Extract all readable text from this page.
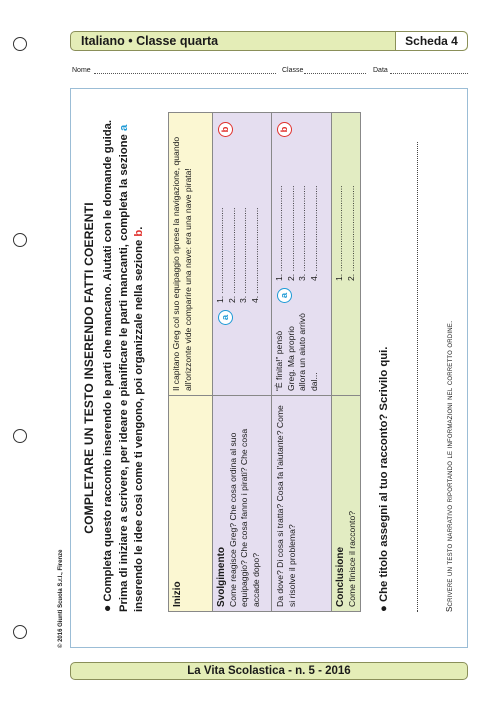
Italiano • Classe quarta	Scheda 4
Nome	Classe	Data
COMPLETARE UN TESTO INSERENDO FATTI COERENTI
● Completa questo racconto inserendo le parti che mancano. Aiutati con le domande guida. Prima di iniziare a scrivere, per ideare e pianificare le parti mancanti, completa la sezione a inserendo le idee così come ti vengono, poi organizzale nella sezione b.
Inizio
Il capitano Greg col suo equipaggio riprese la navigazione, quando all'orizzonte vide comparire una nave: era una nave pirata!
Svolgimento Come reagisce Greg? Che cosa ordina al suo equipaggio? Che cosa fanno i pirati? Che cosa accade dopo?
a
1. .................................... 2. .................................... 3. .................................... 4. ....................................
b
Da dove? Di cosa si tratta? Cosa fa l'aiutante? Come si risolve il problema?
“È finita!” pensò Greg. Ma proprio allora un aiuto arrivò dal...
a
1. .................................... 2. .................................... 3. .................................... 4. ....................................
b
Conclusione Come finisce il racconto?
1. .................................... 2. ....................................
● Che titolo assegni al tuo racconto? Scrivilo qui.	Scrivere un testo narrativo riportando le informazioni nel corretto ordine.
© 2016 Giunti Scuola S.r.l., Firenze
La Vita Scolastica - n. 5 - 2016
